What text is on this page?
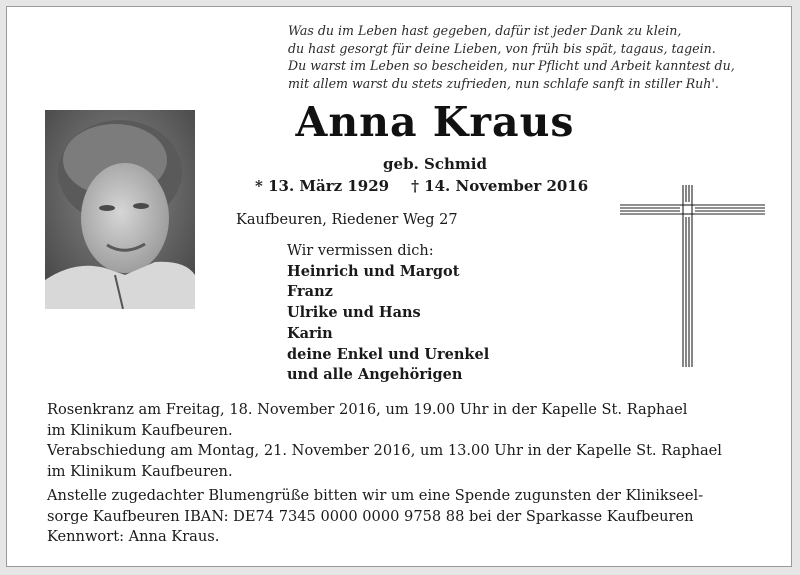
Was du im Leben hast gegeben, dafür ist jeder Dank zu klein,
du hast gesorgt für deine Lieben, von früh bis spät, tagaus, tagein.
Du warst im Leben so bescheiden, nur Pflicht und Arbeit kanntest du,
mit allem warst du stets zufrieden, nun schlafe sanft in stiller Ruh'.
Anna Kraus
geb. Schmid
* 13. März 1929 † 14. November 2016
Kaufbeuren, Riedener Weg 27
Wir vermissen dich:
Heinrich und Margot
Franz
Ulrike und Hans
Karin
deine Enkel und Urenkel
und alle Angehörigen
Rosenkranz am Freitag, 18. November 2016, um 19.00 Uhr in der Kapelle St. Raphael
im Klinikum Kaufbeuren.
Verabschiedung am Montag, 21. November 2016, um 13.00 Uhr in der Kapelle St. Raphael
im Klinikum Kaufbeuren.
Anstelle zugedachter Blumengrüße bitten wir um eine Spende zugunsten der Klinikseel-
sorge Kaufbeuren IBAN: DE74 7345 0000 0000 9758 88 bei der Sparkasse Kaufbeuren
Kennwort: Anna Kraus.
